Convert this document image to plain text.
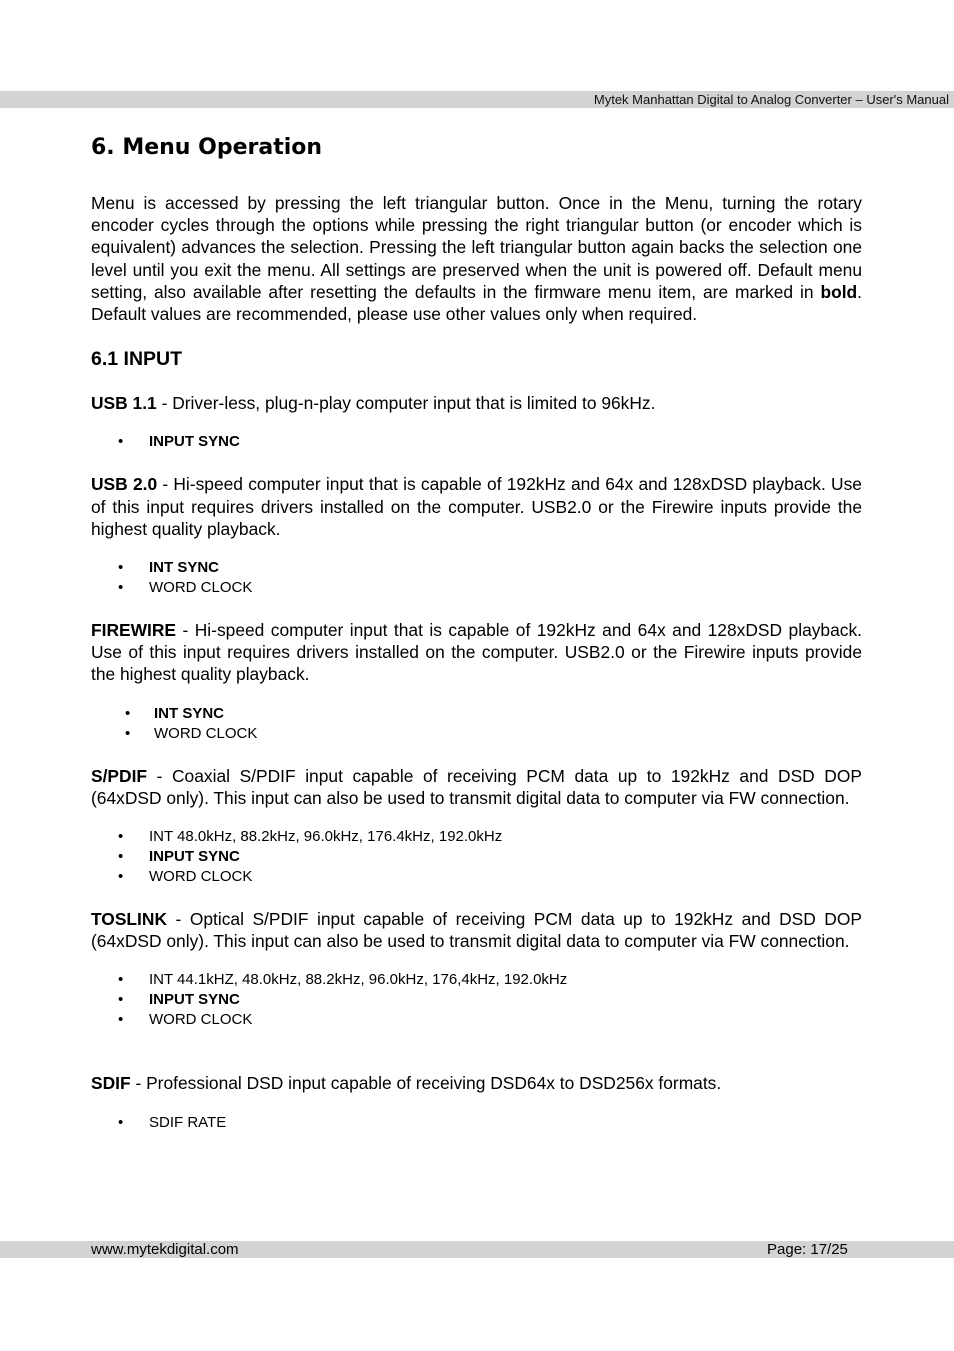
Mytek Manhattan Digital to Analog Converter – User's Manual
6. Menu Operation

Menu is accessed by pressing the left triangular button. Once in the Menu, turning the rotary encoder cycles through the options while pressing the right triangular button (or encoder which is equivalent) advances the selection. Pressing the left triangular button again backs the selection one level until you exit the menu. All settings are preserved when the unit is powered off. Default menu setting, also available after resetting the defaults in the firmware menu item, are marked in bold. Default values are recommended, please use other values only when required.

6.1 INPUT

USB 1.1 - Driver-less, plug-n-play computer input that is limited to 96kHz.

• INPUT SYNC

USB 2.0 - Hi-speed computer input that is capable of 192kHz and 64x and 128xDSD playback. Use of this input requires drivers installed on the computer. USB2.0 or the Firewire inputs provide the highest quality playback.

• INT SYNC
• WORD CLOCK

FIREWIRE - Hi-speed computer input that is capable of 192kHz and 64x and 128xDSD playback. Use of this input requires drivers installed on the computer. USB2.0 or the Firewire inputs provide the highest quality playback.

• INT SYNC
• WORD CLOCK

S/PDIF - Coaxial S/PDIF input capable of receiving PCM data up to 192kHz and DSD DOP (64xDSD only). This input can also be used to transmit digital data to computer via FW connection.

• INT 48.0kHz, 88.2kHz, 96.0kHz, 176.4kHz, 192.0kHz
• INPUT SYNC
• WORD CLOCK

TOSLINK - Optical S/PDIF input capable of receiving PCM data up to 192kHz and DSD DOP (64xDSD only). This input can also be used to transmit digital data to computer via FW connection.

• INT 44.1kHZ, 48.0kHz, 88.2kHz, 96.0kHz, 176,4kHz, 192.0kHz
• INPUT SYNC
• WORD CLOCK

SDIF - Professional DSD input capable of receiving DSD64x to DSD256x formats.

• SDIF RATE
www.mytekdigital.com	Page: 17/25
